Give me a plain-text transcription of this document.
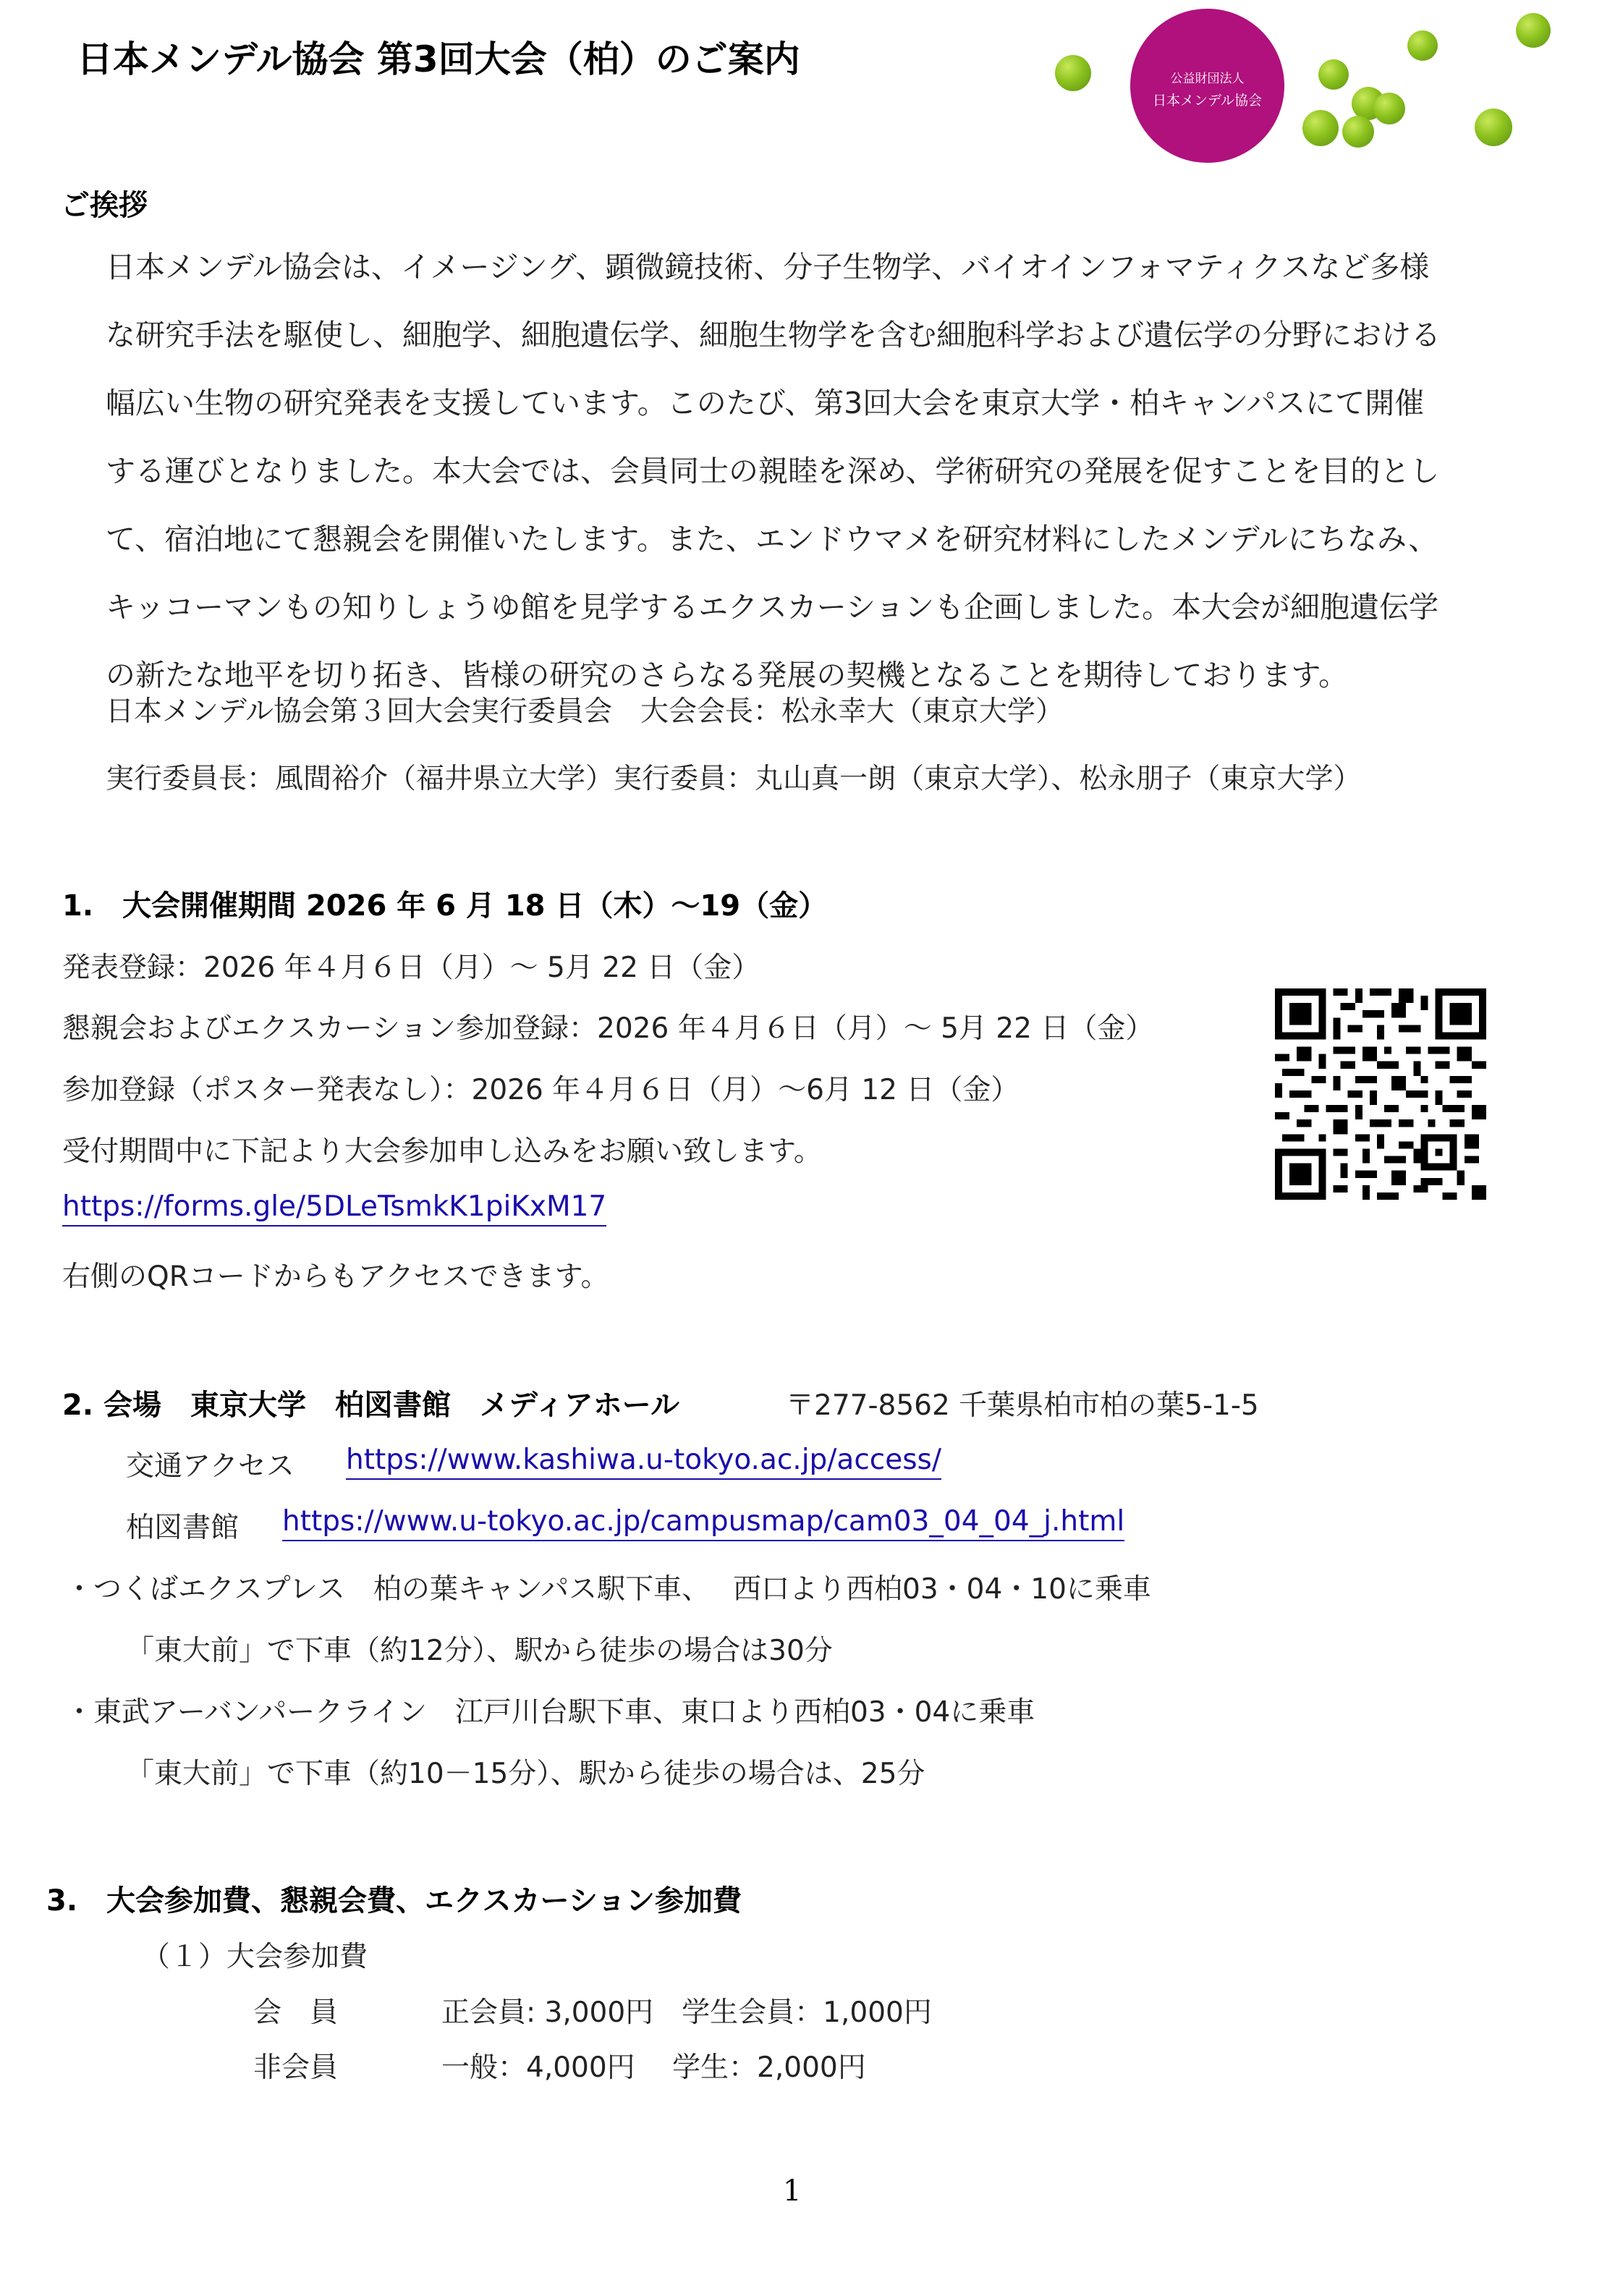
日本メンデル協会 第3回大会（柏）のご案内	公益財団法人
日本メンデル協会
ご挨拶
日本メンデル協会は、イメージング、顕微鏡技術、分子生物学、バイオインフォマティクスなど多様
な研究手法を駆使し、細胞学、細胞遺伝学、細胞生物学を含む細胞科学および遺伝学の分野における
幅広い生物の研究発表を支援しています。このたび、第3回大会を東京大学・柏キャンパスにて開催
する運びとなりました。本大会では、会員同士の親睦を深め、学術研究の発展を促すことを目的とし
て、宿泊地にて懇親会を開催いたします。また、エンドウマメを研究材料にしたメンデルにちなみ、
キッコーマンもの知りしょうゆ館を見学するエクスカーションも企画しました。本大会が細胞遺伝学
の新たな地平を切り拓き、皆様の研究のさらなる発展の契機となることを期待しております。
日本メンデル協会第３回大会実行委員会　大会会長：松永幸大（東京大学）
実行委員長：風間裕介（福井県立大学）実行委員：丸山真一朗（東京大学）、松永朋子（東京大学）
1.　大会開催期間 2026 年 6 月 18 日（木）～19（金）
発表登録：2026 年４月６日（月）～ 5月 22 日（金）
懇親会およびエクスカーション参加登録：2026 年４月６日（月）～ 5月 22 日（金）
参加登録（ポスター発表なし）：2026 年４月６日（月）～6月 12 日（金）
受付期間中に下記より大会参加申し込みをお願い致します。
https://forms.gle/5DLeTsmkK1piKxM17
右側のQRコードからもアクセスできます。
2. 会場　東京大学　柏図書館　メディアホール	〒277-8562 千葉県柏市柏の葉5-1-5
交通アクセス https://www.kashiwa.u-tokyo.ac.jp/access/
柏図書館 https://www.u-tokyo.ac.jp/campusmap/cam03_04_04_j.html
・つくばエクスプレス　柏の葉キャンパス駅下車、　 西口より西柏03・04・10に乗車
「東大前」で下車（約12分）、駅から徒歩の場合は30分
・東武アーバンパークライン　江戸川台駅下車、東口より西柏03・04に乗車
「東大前」で下車（約10－15分）、駅から徒歩の場合は、25分
3.　大会参加費、懇親会費、エクスカーション参加費
（１）大会参加費
会　員	正会員: 3,000円　学生会員：1,000円
非会員	一般：4,000円　 学生：2,000円
1
